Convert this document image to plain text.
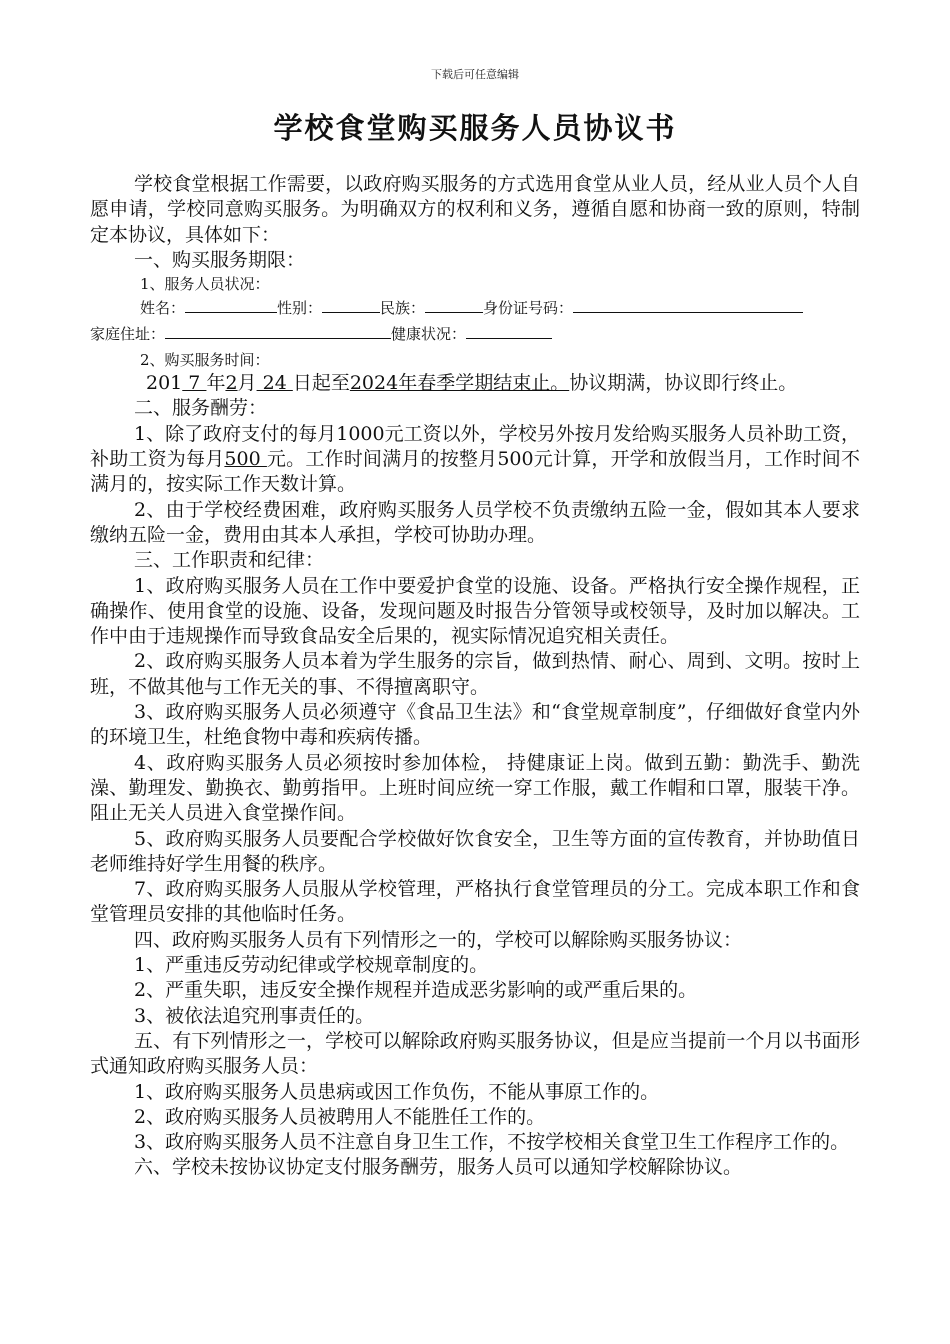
下载后可任意编辑
学校食堂购买服务人员协议书

学校食堂根据工作需要，以政府购买服务的方式选用食堂从业人员，经从业人员个人自愿申请，学校同意购买服务。为明确双方的权利和义务，遵循自愿和协商一致的原则，特制定本协议，具体如下：

一、购买服务期限：

1、服务人员状况：

姓名：	性别：	民族：	身份证号码：

家庭住址：	健康状况：

2、购买服务时间：

201 7 年2月 24 日起至2024年春季学期结束止。协议期满，协议即行终止。

二、服务酬劳：

1、除了政府支付的每月1000元工资以外，学校另外按月发给购买服务人员补助工资，补助工资为每月500 元。工作时间满月的按整月500元计算，开学和放假当月，工作时间不满月的，按实际工作天数计算。

2、由于学校经费困难，政府购买服务人员学校不负责缴纳五险一金，假如其本人要求缴纳五险一金，费用由其本人承担，学校可协助办理。

三、工作职责和纪律：

1、政府购买服务人员在工作中要爱护食堂的设施、设备。严格执行安全操作规程，正确操作、使用食堂的设施、设备，发现问题及时报告分管领导或校领导，及时加以解决。工作中由于违规操作而导致食品安全后果的，视实际情况追究相关责任。

2、政府购买服务人员本着为学生服务的宗旨，做到热情、耐心、周到、文明。按时上班，不做其他与工作无关的事、不得擅离职守。

3、政府购买服务人员必须遵守《食品卫生法》和“食堂规章制度”，仔细做好食堂内外的环境卫生，杜绝食物中毒和疾病传播。

4、政府购买服务人员必须按时参加体检， 持健康证上岗。做到五勤：勤洗手、勤洗澡、勤理发、勤换衣、勤剪指甲。上班时间应统一穿工作服，戴工作帽和口罩，服装干净。阻止无关人员进入食堂操作间。

5、政府购买服务人员要配合学校做好饮食安全，卫生等方面的宣传教育，并协助值日老师维持好学生用餐的秩序。

7、政府购买服务人员服从学校管理，严格执行食堂管理员的分工。完成本职工作和食堂管理员安排的其他临时任务。

四、政府购买服务人员有下列情形之一的，学校可以解除购买服务协议：

1、严重违反劳动纪律或学校规章制度的。

2、严重失职，违反安全操作规程并造成恶劣影响的或严重后果的。

3、被依法追究刑事责任的。

五、有下列情形之一，学校可以解除政府购买服务协议，但是应当提前一个月以书面形式通知政府购买服务人员：

1、政府购买服务人员患病或因工作负伤，不能从事原工作的。

2、政府购买服务人员被聘用人不能胜任工作的。

3、政府购买服务人员不注意自身卫生工作，不按学校相关食堂卫生工作程序工作的。

六、学校未按协议协定支付服务酬劳，服务人员可以通知学校解除协议。
